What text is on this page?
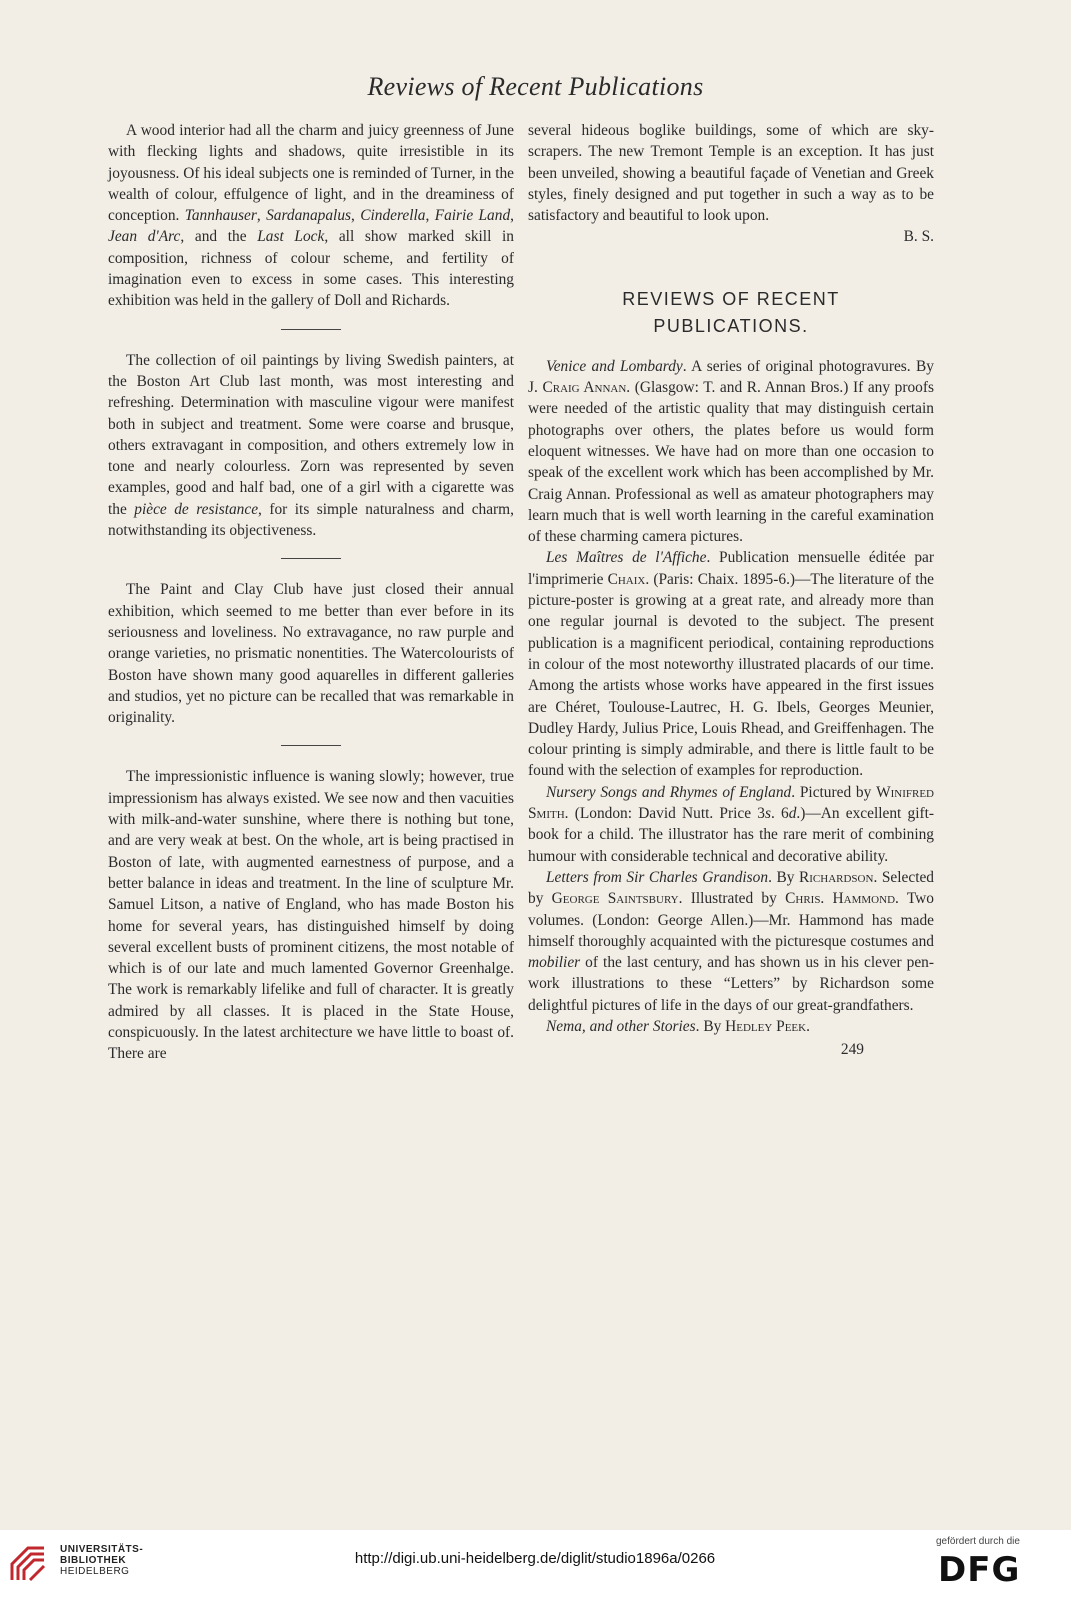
Reviews of Recent Publications

A wood interior had all the charm and juicy greenness of June with flecking lights and shadows, quite irresistible in its joyousness. Of his ideal subjects one is reminded of Turner, in the wealth of colour, effulgence of light, and in the dreaminess of conception. Tannhauser, Sardanapalus, Cinderella, Fairie Land, Jean d'Arc, and the Last Lock, all show marked skill in composition, richness of colour scheme, and fertility of imagination even to excess in some cases. This interesting exhibition was held in the gallery of Doll and Richards.

The collection of oil paintings by living Swedish painters, at the Boston Art Club last month, was most interesting and refreshing. Determination with masculine vigour were manifest both in subject and treatment. Some were coarse and brusque, others extravagant in composition, and others extremely low in tone and nearly colourless. Zorn was represented by seven examples, good and half bad, one of a girl with a cigarette was the pièce de resistance, for its simple naturalness and charm, notwithstanding its objectiveness.

The Paint and Clay Club have just closed their annual exhibition, which seemed to me better than ever before in its seriousness and loveliness. No extravagance, no raw purple and orange varieties, no prismatic nonentities. The Watercolourists of Boston have shown many good aquarelles in different galleries and studios, yet no picture can be recalled that was remarkable in originality.

The impressionistic influence is waning slowly; however, true impressionism has always existed. We see now and then vacuities with milk-and-water sunshine, where there is nothing but tone, and are very weak at best. On the whole, art is being practised in Boston of late, with augmented earnestness of purpose, and a better balance in ideas and treatment. In the line of sculpture Mr. Samuel Litson, a native of England, who has made Boston his home for several years, has distinguished himself by doing several excellent busts of prominent citizens, the most notable of which is of our late and much lamented Governor Greenhalge. The work is remarkably lifelike and full of character. It is greatly admired by all classes. It is placed in the State House, conspicuously. In the latest architecture we have little to boast of. There are

several hideous boglike buildings, some of which are sky-scrapers. The new Tremont Temple is an exception. It has just been unveiled, showing a beautiful façade of Venetian and Greek styles, finely designed and put together in such a way as to be satisfactory and beautiful to look upon.

B. S.

REVIEWS OF RECENT
PUBLICATIONS.

Venice and Lombardy. A series of original photogravures. By J. Craig Annan. (Glasgow: T. and R. Annan Bros.) If any proofs were needed of the artistic quality that may distinguish certain photographs over others, the plates before us would form eloquent witnesses. We have had on more than one occasion to speak of the excellent work which has been accomplished by Mr. Craig Annan. Professional as well as amateur photographers may learn much that is well worth learning in the careful examination of these charming camera pictures.

Les Maîtres de l'Affiche. Publication mensuelle éditée par l'imprimerie Chaix. (Paris: Chaix. 1895-6.)—The literature of the picture-poster is growing at a great rate, and already more than one regular journal is devoted to the subject. The present publication is a magnificent periodical, containing reproductions in colour of the most noteworthy illustrated placards of our time. Among the artists whose works have appeared in the first issues are Chéret, Toulouse-Lautrec, H. G. Ibels, Georges Meunier, Dudley Hardy, Julius Price, Louis Rhead, and Greiffenhagen. The colour printing is simply admirable, and there is little fault to be found with the selection of examples for reproduction.

Nursery Songs and Rhymes of England. Pictured by Winifred Smith. (London: David Nutt. Price 3s. 6d.)—An excellent gift-book for a child. The illustrator has the rare merit of combining humour with considerable technical and decorative ability.

Letters from Sir Charles Grandison. By Richardson. Selected by George Saintsbury. Illustrated by Chris. Hammond. Two volumes. (London: George Allen.)—Mr. Hammond has made himself thoroughly acquainted with the picturesque costumes and mobilier of the last century, and has shown us in his clever pen-work illustrations to these “Letters” by Richardson some delightful pictures of life in the days of our great-grandfathers.

Nema, and other Stories. By Hedley Peek.

249
UNIVERSITÄTS-
BIBLIOTHEK
HEIDELBERG
http://digi.ub.uni-heidelberg.de/diglit/studio1896a/0266
gefördert durch die
DFG
